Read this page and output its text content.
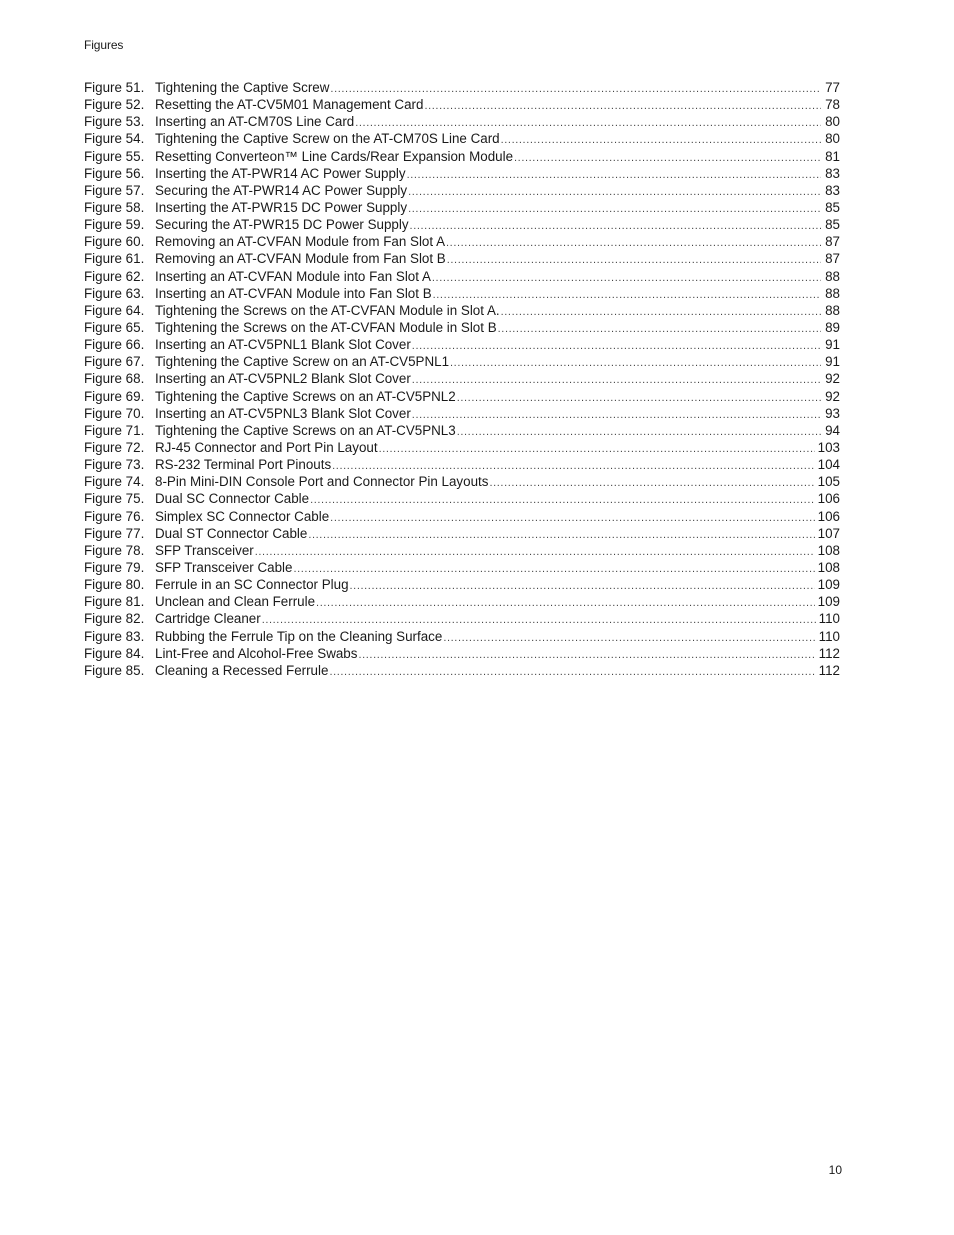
Figures
Figure 51. Tightening the Captive Screw .....	77
Figure 52. Resetting the AT-CV5M01 Management Card .....	78
Figure 53. Inserting an AT-CM70S Line Card .....	80
Figure 54. Tightening the Captive Screw on the AT-CM70S Line Card .....	80
Figure 55. Resetting Converteon™ Line Cards/Rear Expansion Module .....	81
Figure 56. Inserting the AT-PWR14 AC Power Supply .....	83
Figure 57. Securing the AT-PWR14 AC Power Supply .....	83
Figure 58. Inserting the AT-PWR15 DC Power Supply .....	85
Figure 59. Securing the AT-PWR15 DC Power Supply .....	85
Figure 60. Removing an AT-CVFAN Module from Fan Slot A .....	87
Figure 61. Removing an AT-CVFAN Module from Fan Slot B .....	87
Figure 62. Inserting an AT-CVFAN Module into Fan Slot A .....	88
Figure 63. Inserting an AT-CVFAN Module into Fan Slot B .....	88
Figure 64. Tightening the Screws on the AT-CVFAN Module in Slot A. .....	88
Figure 65. Tightening the Screws on the AT-CVFAN Module in Slot B .....	89
Figure 66. Inserting an AT-CV5PNL1 Blank Slot Cover .....	91
Figure 67. Tightening the Captive Screw on an AT-CV5PNL1 .....	91
Figure 68. Inserting an AT-CV5PNL2 Blank Slot Cover .....	92
Figure 69. Tightening the Captive Screws on an AT-CV5PNL2 .....	92
Figure 70. Inserting an AT-CV5PNL3 Blank Slot Cover .....	93
Figure 71. Tightening the Captive Screws on an AT-CV5PNL3 .....	94
Figure 72. RJ-45 Connector and Port Pin Layout .....	103
Figure 73. RS-232 Terminal Port Pinouts .....	104
Figure 74. 8-Pin Mini-DIN Console Port and Connector Pin Layouts .....	105
Figure 75. Dual SC Connector Cable .....	106
Figure 76. Simplex SC Connector Cable .....	106
Figure 77. Dual ST Connector Cable .....	107
Figure 78. SFP Transceiver .....	108
Figure 79. SFP Transceiver Cable .....	108
Figure 80. Ferrule in an SC Connector Plug .....	109
Figure 81. Unclean and Clean Ferrule .....	109
Figure 82. Cartridge Cleaner .....	110
Figure 83. Rubbing the Ferrule Tip on the Cleaning Surface .....	110
Figure 84. Lint-Free and Alcohol-Free Swabs .....	112
Figure 85. Cleaning a Recessed Ferrule .....	112
10
